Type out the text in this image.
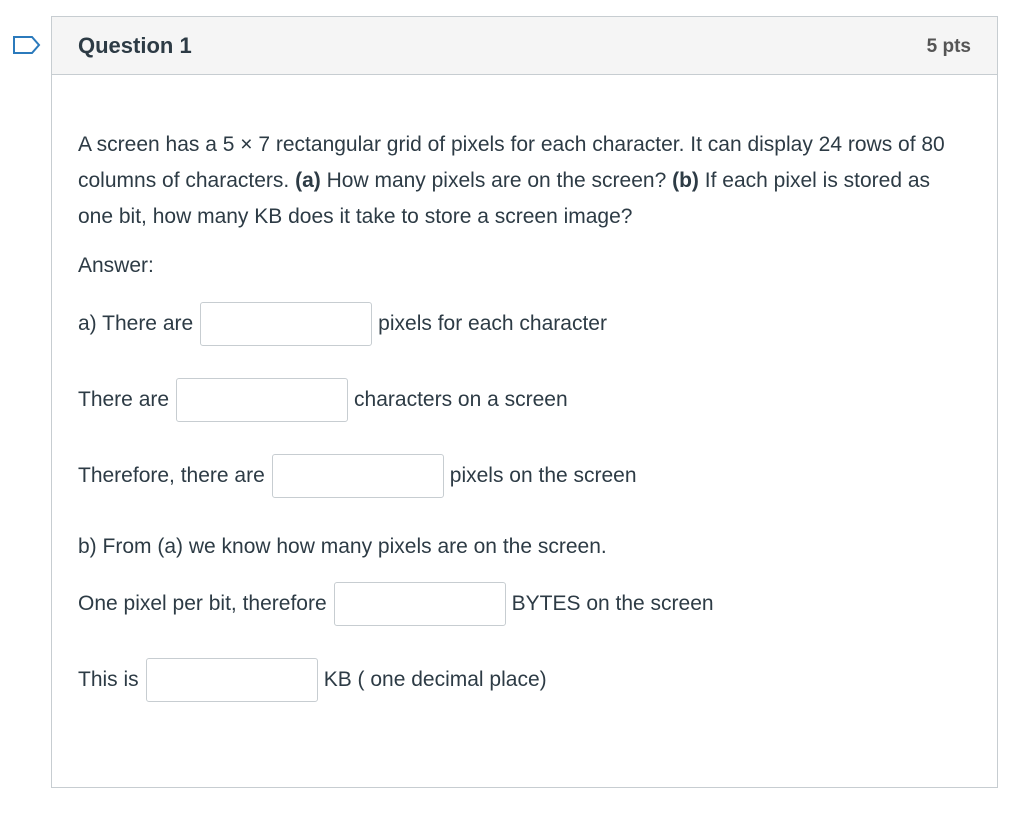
Question 1	5 pts
A screen has a 5 × 7 rectangular grid of pixels for each character. It can display 24 rows of 80 columns of characters. (a) How many pixels are on the screen? (b) If each pixel is stored as one bit, how many KB does it take to store a screen image?
Answer:
a) There are	pixels for each character
There are	characters on a screen
Therefore, there are	pixels on the screen
b) From (a) we know how many pixels are on the screen.
One pixel per bit, therefore	BYTES on the screen
This is	KB ( one decimal place)
